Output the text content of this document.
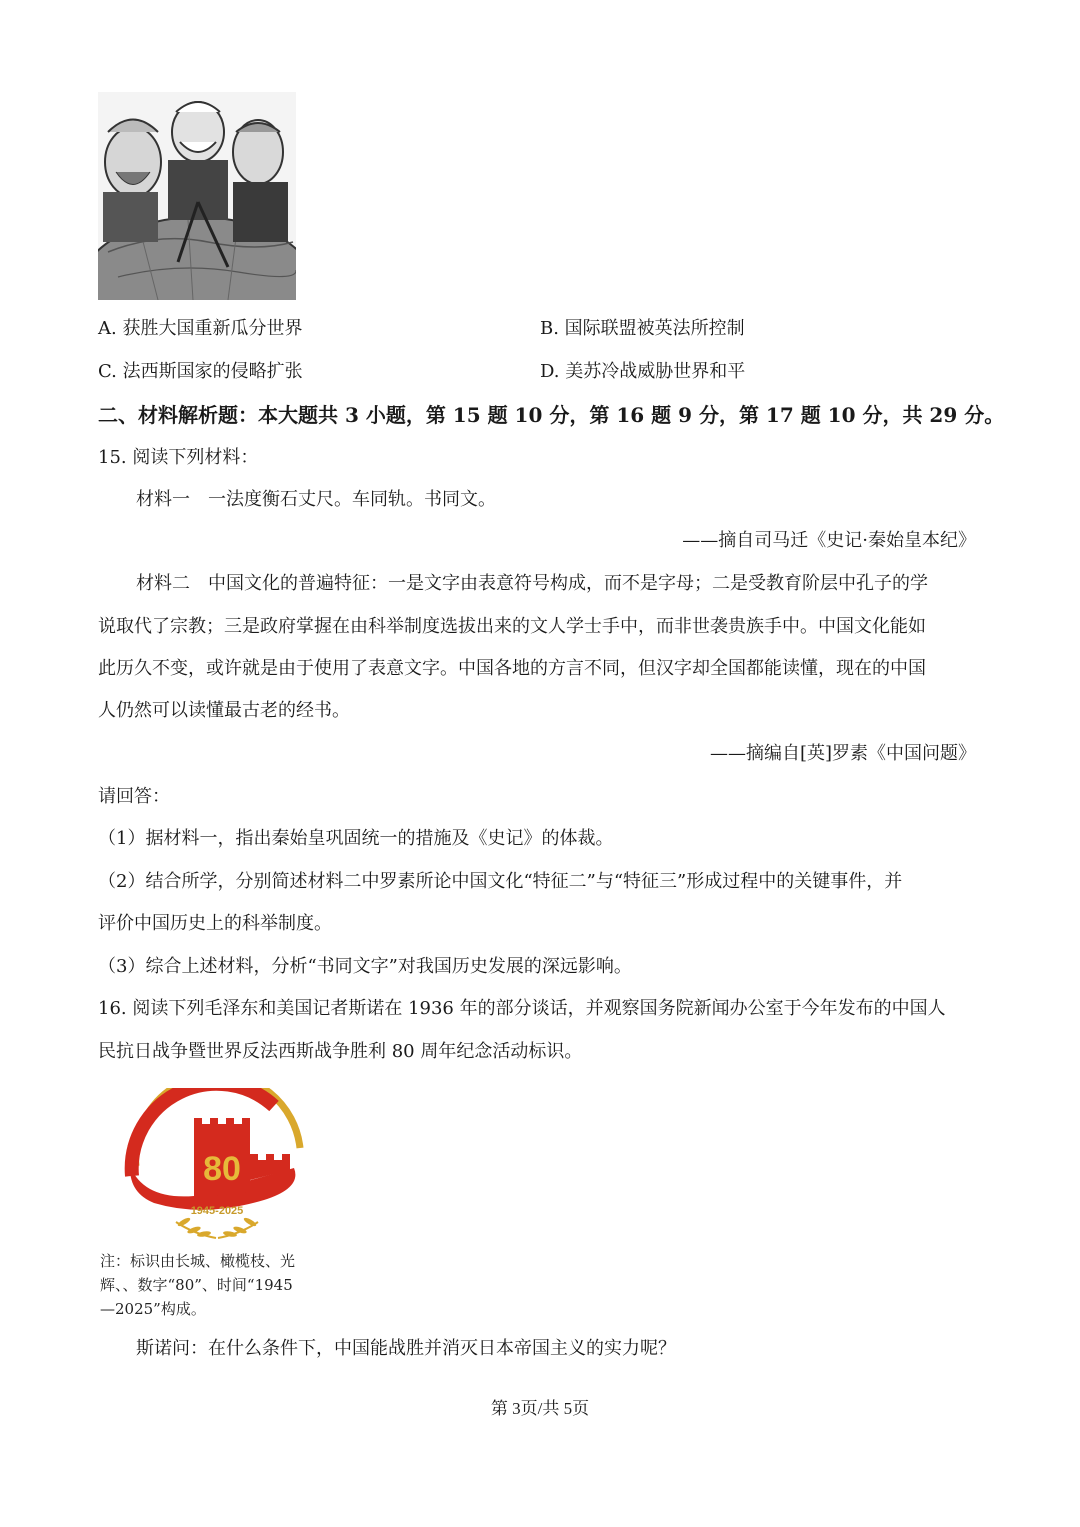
A. 获胜大国重新瓜分世界	B. 国际联盟被英法所控制
C. 法西斯国家的侵略扩张	D. 美苏冷战威胁世界和平
二、材料解析题：本大题共 3 小题，第 15 题 10 分，第 16 题 9 分，第 17 题 10 分，共 29 分。
15. 阅读下列材料：
材料一　一法度衡石丈尺。车同轨。书同文。
——摘自司马迁《史记·秦始皇本纪》
材料二　中国文化的普遍特征：一是文字由表意符号构成，而不是字母；二是受教育阶层中孔子的学
说取代了宗教；三是政府掌握在由科举制度选拔出来的文人学士手中，而非世袭贵族手中。中国文化能如
此历久不变，或许就是由于使用了表意文字。中国各地的方言不同，但汉字却全国都能读懂，现在的中国
人仍然可以读懂最古老的经书。
——摘编自[英]罗素《中国问题》
请回答：
（1）据材料一，指出秦始皇巩固统一的措施及《史记》的体裁。
（2）结合所学，分别简述材料二中罗素所论中国文化“特征二”与“特征三”形成过程中的关键事件，并
评价中国历史上的科举制度。
（3）综合上述材料，分析“书同文字”对我国历史发展的深远影响。
16. 阅读下列毛泽东和美国记者斯诺在 1936 年的部分谈话，并观察国务院新闻办公室于今年发布的中国人
民抗日战争暨世界反法西斯战争胜利 80 周年纪念活动标识。
80
1945-2025
注：标识由长城、橄榄枝、光
辉、、数字“80”、时间“1945
—2025”构成。
斯诺问：在什么条件下，中国能战胜并消灭日本帝国主义的实力呢？
第 3页/共 5页
